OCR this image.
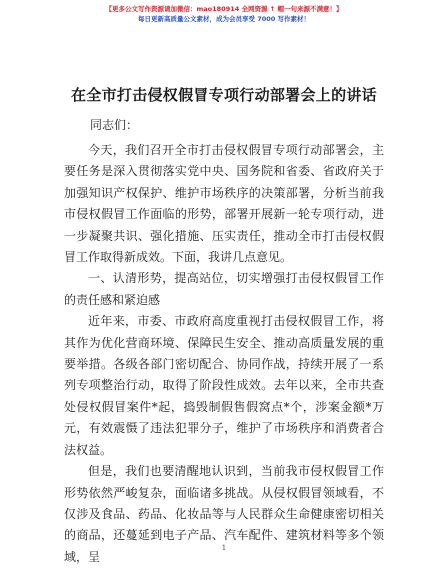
【更多公文写作资源请加微信：mao180914 全网资源 ↑ 帽一句来源不满意！】
每日更新高质量公文素材，成为会员享受 7000 写作素材！
在全市打击侵权假冒专项行动部署会上的讲话
同志们：

今天，我们召开全市打击侵权假冒专项行动部署会，主要任务是深入贯彻落实党中央、国务院和省委、省政府关于加强知识产权保护、维护市场秩序的决策部署，分析当前我市侵权假冒工作面临的形势，部署开展新一轮专项行动，进一步凝聚共识、强化措施、压实责任，推动全市打击侵权假冒工作取得新成效。下面，我讲几点意见。

一、认清形势，提高站位，切实增强打击侵权假冒工作的责任感和紧迫感

近年来，市委、市政府高度重视打击侵权假冒工作，将其作为优化营商环境、保障民生安全、推动高质量发展的重要举措。各级各部门密切配合、协同作战，持续开展了一系列专项整治行动，取得了阶段性成效。去年以来，全市共查处侵权假冒案件*起，捣毁制假售假窝点*个，涉案金额*万元，有效震慑了违法犯罪分子，维护了市场秩序和消费者合法权益。

但是，我们也要清醒地认识到，当前我市侵权假冒工作形势依然严峻复杂，面临诸多挑战。从侵权假冒领域看，不仅涉及食品、药品、化妆品等与人民群众生命健康密切相关的商品，还蔓延到电子产品、汽车配件、建筑材料等多个领域，呈

1
